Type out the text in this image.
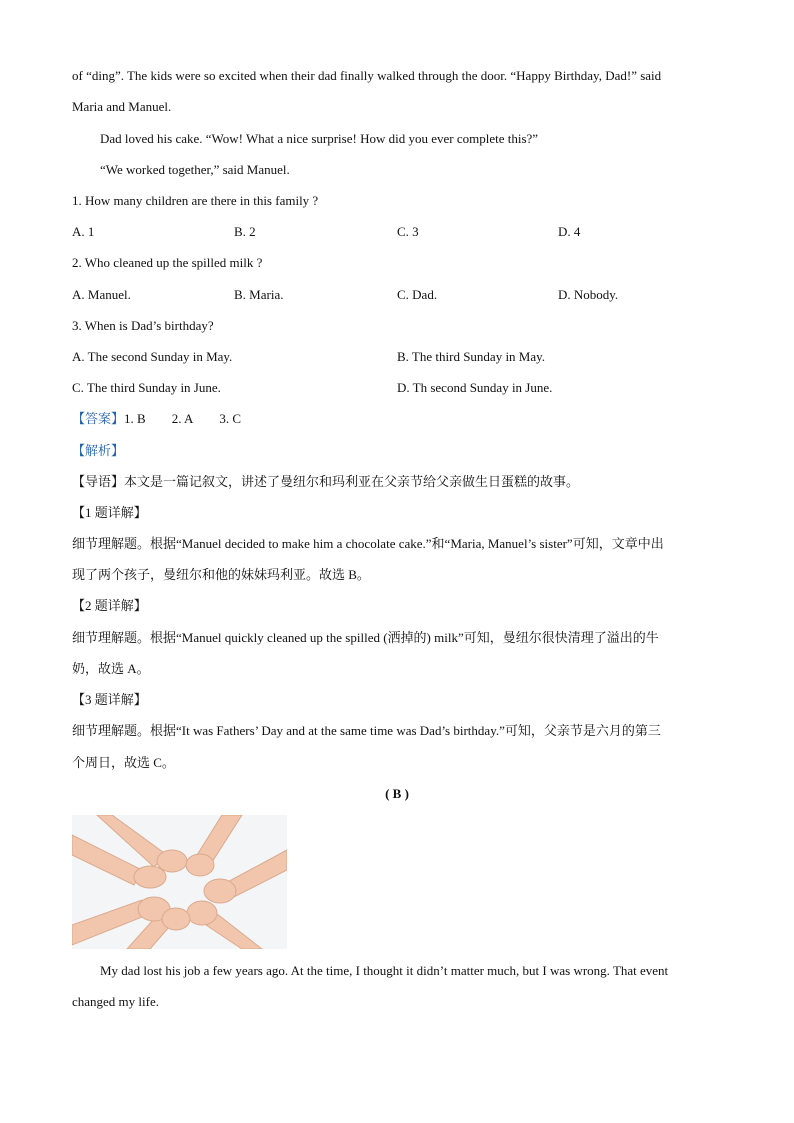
of “ding”. The kids were so excited when their dad finally walked through the door. “Happy Birthday, Dad!” said
Maria and Manuel.
Dad loved his cake. “Wow! What a nice surprise! How did you ever complete this?”
“We worked together,” said Manuel.
1. How many children are there in this family ?
A. 1	B. 2	C. 3	D. 4
2. Who cleaned up the spilled milk ?
A. Manuel.	B. Maria.	C. Dad.	D. Nobody.
3. When is Dad’s birthday?
A. The second Sunday in May.	B. The third Sunday in May.
C. The third Sunday in June.	D. Th second Sunday in June.
【答案】1. B 2. A 3. C
【解析】
【导语】本文是一篇记叙文，讲述了曼纽尔和玛利亚在父亲节给父亲做生日蛋糕的故事。
【1 题详解】
细节理解题。根据“Manuel decided to make him a chocolate cake.”和“Maria, Manuel’s sister”可知，文章中出
现了两个孩子，曼纽尔和他的妹妹玛利亚。故选 B。
【2 题详解】
细节理解题。根据“Manuel quickly cleaned up the spilled (洒掉的) milk”可知，曼纽尔很快清理了溢出的牛
奶，故选 A。
【3 题详解】
细节理解题。根据“It was Fathers’ Day and at the same time was Dad’s birthday.”可知，父亲节是六月的第三
个周日，故选 C。
( B )
My dad lost his job a few years ago. At the time, I thought it didn’t matter much, but I was wrong. That event
changed my life.
